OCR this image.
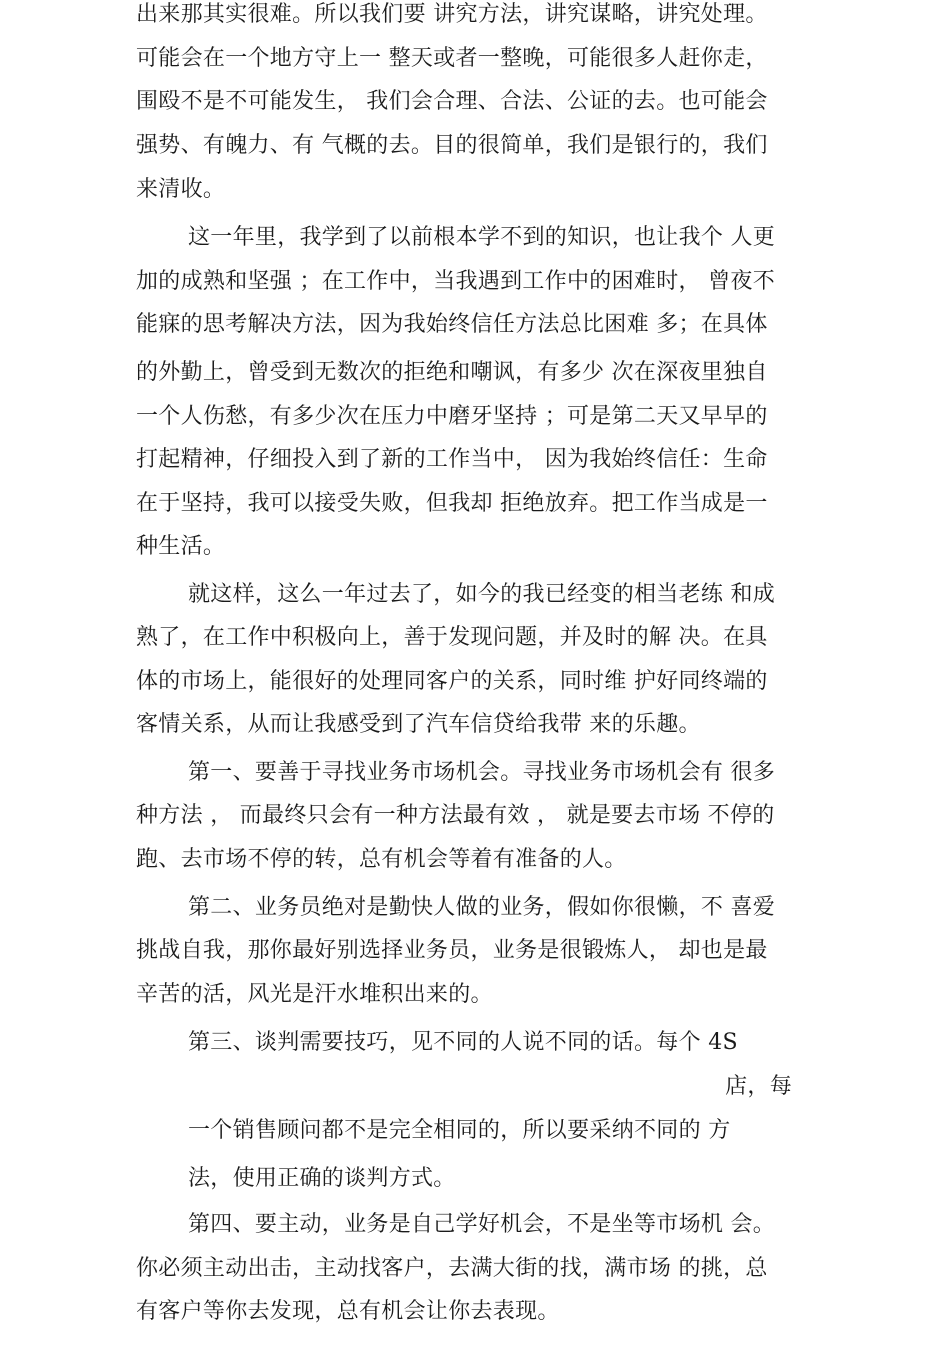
出来那其实很难。所以我们要 讲究方法，讲究谋略，讲究处理。
可能会在一个地方守上一 整天或者一整晚，可能很多人赶你走，
围殴不是不可能发生， 我们会合理、合法、公证的去。也可能会
强势、有魄力、有 气概的去。目的很简单，我们是银行的，我们
来清收。
这一年里，我学到了以前根本学不到的知识，也让我个 人更
加的成熟和坚强 ；在工作中，当我遇到工作中的困难时， 曾夜不
能寐的思考解决方法，因为我始终信任方法总比困难 多；在具体
的外勤上，曾受到无数次的拒绝和嘲讽，有多少 次在深夜里独自
一个人伤愁，有多少次在压力中磨牙坚持 ；可是第二天又早早的
打起精神，仔细投入到了新的工作当中， 因为我始终信任：生命
在于坚持，我可以接受失败，但我却 拒绝放弃。把工作当成是一
种生活。
就这样，这么一年过去了，如今的我已经变的相当老练 和成
熟了，在工作中积极向上，善于发现问题，并及时的解 决。在具
体的市场上，能很好的处理同客户的关系，同时维 护好同终端的
客情关系，从而让我感受到了汽车信贷给我带 来的乐趣。
第一、要善于寻找业务市场机会。寻找业务市场机会有 很多
种方法 ， 而最终只会有一种方法最有效 ， 就是要去市场 不停的
跑、去市场不停的转，总有机会等着有准备的人。
第二、业务员绝对是勤快人做的业务，假如你很懒，不 喜爱
挑战自我，那你最好别选择业务员，业务是很锻炼人， 却也是最
辛苦的活，风光是汗水堆积出来的。
第三、谈判需要技巧，见不同的人说不同的话。每个 4S
店，每
一个销售顾问都不是完全相同的，所以要采纳不同的 方
法，使用正确的谈判方式。
第四、要主动，业务是自己学好机会，不是坐等市场机 会。
你必须主动出击，主动找客户，去满大街的找，满市场 的挑，总
有客户等你去发现，总有机会让你去表现。
